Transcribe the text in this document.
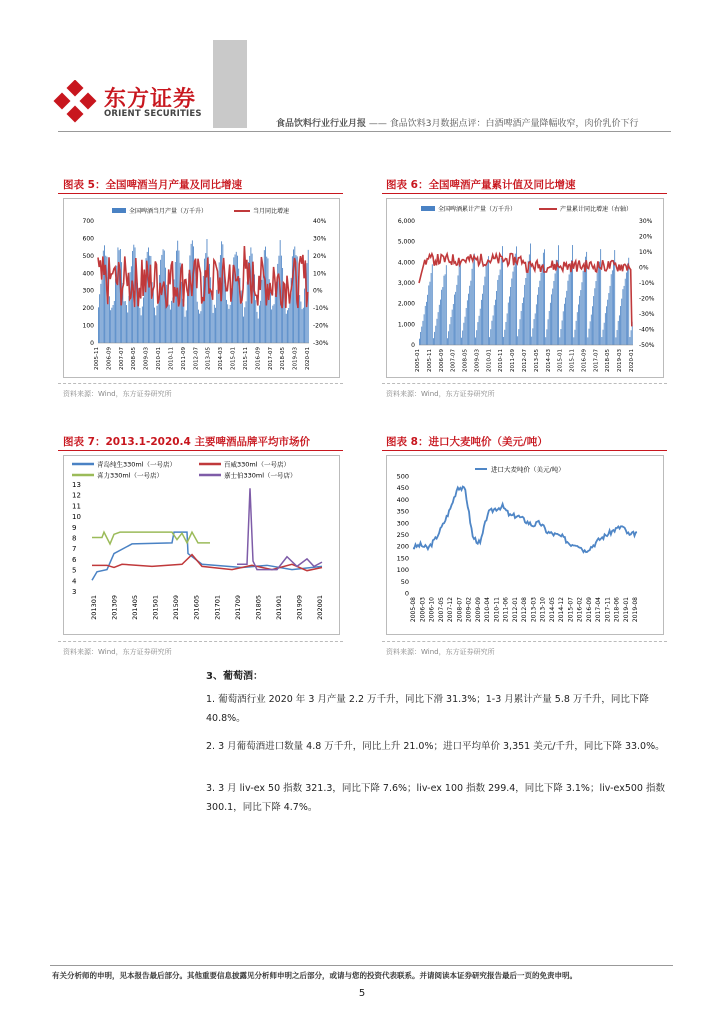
东方证券
ORIENT SECURITIES
食品饮料行业行业月报 —— 食品饮料3月数据点评：白酒啤酒产量降幅收窄，肉价乳价下行
图表 5：全国啤酒当月产量及同比增速
全国啤酒当月产量（万千升）	当月同比增速
0
100
200
300
400
500
600
700	40%
30%
20%
10%
0%
-10%
-20%
-30%
2005-11 2006-09 2007-07 2008-05 2009-03 2010-01 2010-11 2011-09 2012-07 2013-05 2014-03 2015-01 2015-11 2016-09 2017-07 2018-05 2019-03 2020-01
资料来源：Wind，东方证券研究所
图表 6：全国啤酒产量累计值及同比增速
全国啤酒累计产量（万千升）	产量累计同比增速（右轴）
0
1,000
2,000
3,000
4,000
5,000
6,000	30%
20%
10%
0%
-10%
-20%
-30%
-40%
-50%
2005-01 2005-11 2006-09 2007-07 2008-05 2009-03 2010-01 2010-11 2011-09 2012-07 2013-05 2014-03 2015-01 2015-11 2016-09 2017-07 2018-05 2019-03 2020-01
资料来源：Wind，东方证券研究所
图表 7：2013.1-2020.4 主要啤酒品牌平均市场价
青岛纯生330ml（一号店）	百威330ml（一号店）
喜力330ml（一号店）	嘉士伯330ml（一号店）
3
4
5
6
7
8
9
10
11
12
13
201301 201309 201405 201501 201509 201605 201701 201709 201805 201901 201909 202001
资料来源：Wind，东方证券研究所
图表 8：进口大麦吨价（美元/吨）
进口大麦吨价（美元/吨）
0
50
100
150
200
250
300
350
400
450
500
2005-08 2006-03 2006-10 2007-05 2007-12 2008-07 2009-02 2009-09 2010-04 2010-11 2011-06 2012-01 2012-08 2013-03 2013-10 2014-05 2014-12 2015-07 2016-02 2016-09 2017-04 2017-11 2018-06 2019-01 2019-08
资料来源：Wind，东方证券研究所
3、葡萄酒：
1. 葡萄酒行业 2020 年 3 月产量 2.2 万千升，同比下滑 31.3%；1-3 月累计产量 5.8 万千升，同比下降 40.8%。
2. 3 月葡萄酒进口数量 4.8 万千升，同比上升 21.0%；进口平均单价 3,351 美元/千升，同比下降 33.0%。
3. 3 月 liv-ex 50 指数 321.3，同比下降 7.6%；liv-ex 100 指数 299.4，同比下降 3.1%；liv-ex500 指数 300.1，同比下降 4.7%。
有关分析师的申明，见本报告最后部分。其他重要信息披露见分析师申明之后部分，或请与您的投资代表联系。并请阅读本证券研究报告最后一页的免责申明。
5
